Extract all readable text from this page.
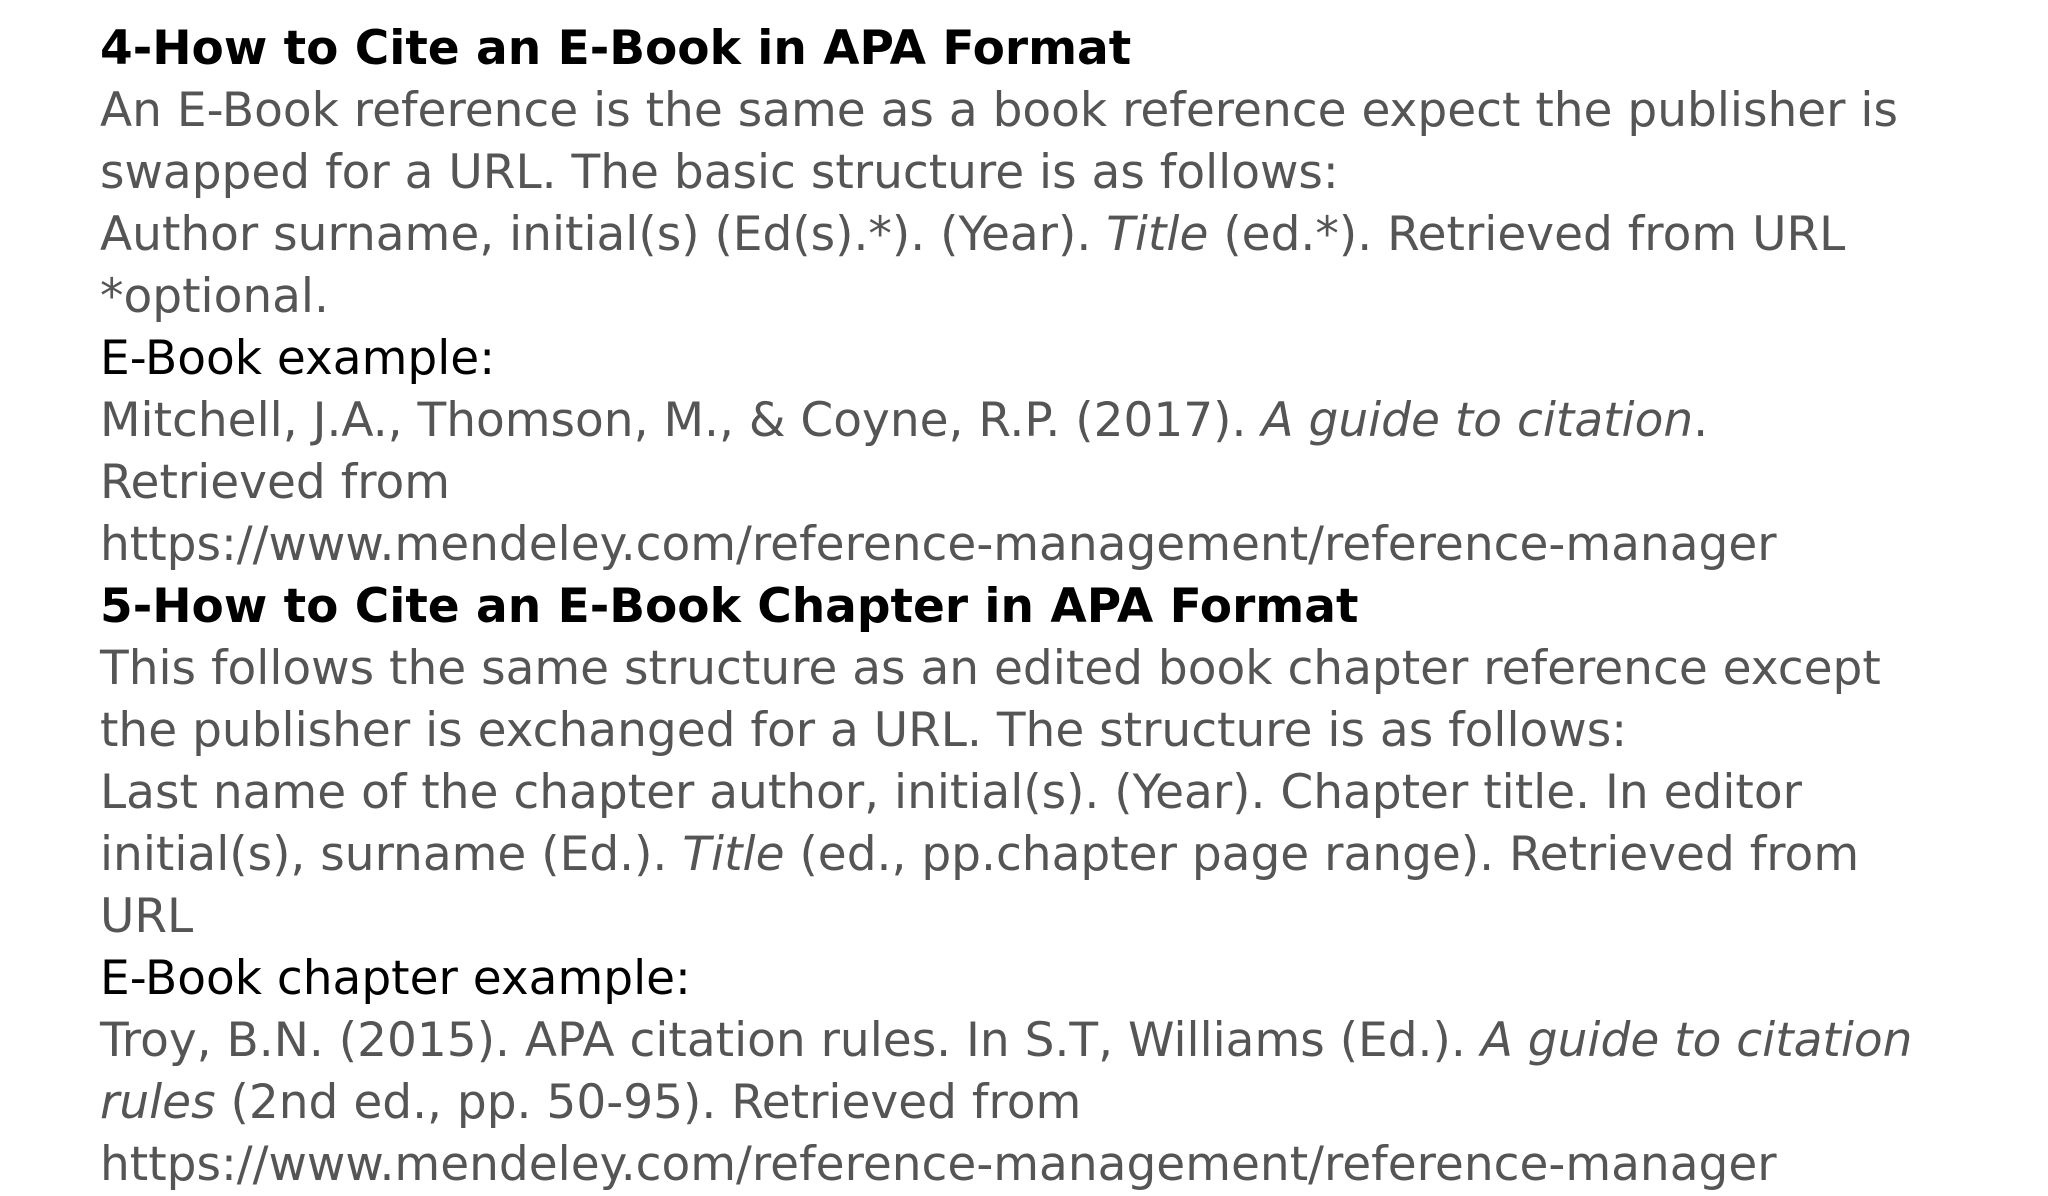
4-How to Cite an E-Book in APA Format
An E-Book reference is the same as a book reference expect the publisher is
swapped for a URL. The basic structure is as follows:
Author surname, initial(s) (Ed(s).*). (Year). Title (ed.*). Retrieved from URL
*optional.
E-Book example:
Mitchell, J.A., Thomson, M., & Coyne, R.P. (2017). A guide to citation.
Retrieved from
https://www.mendeley.com/reference-management/reference-manager
5-How to Cite an E-Book Chapter in APA Format
This follows the same structure as an edited book chapter reference except
the publisher is exchanged for a URL. The structure is as follows:
Last name of the chapter author, initial(s). (Year). Chapter title. In editor
initial(s), surname (Ed.). Title (ed., pp.chapter page range). Retrieved from
URL
E-Book chapter example:
Troy, B.N. (2015). APA citation rules. In S.T, Williams (Ed.). A guide to citation
rules (2nd ed., pp. 50-95). Retrieved from
https://www.mendeley.com/reference-management/reference-manager
